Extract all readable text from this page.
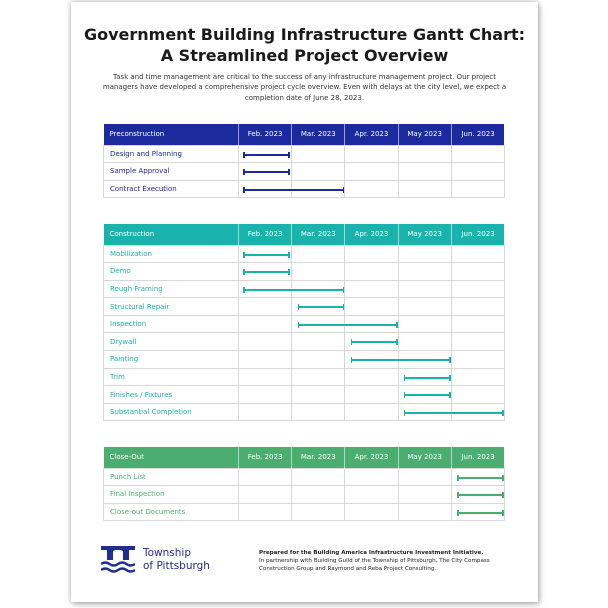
Government Building Infrastructure Gantt Chart:
A Streamlined Project Overview

Task and time management are critical to the success of any infrastructure management project. Our project managers have developed a comprehensive project cycle overview. Even with delays at the city level, we expect a completion date of June 28, 2023.

Preconstruction	Feb. 2023	Mar. 2023	Apr. 2023	May 2023	Jun. 2023
Design and Planning	

Sample Approval	

Contract Execution	

Construction	Feb. 2023	Mar. 2023	Apr. 2023	May 2023	Jun. 2023
Mobilization	

Demo	

Rough Framing	

Structural Repair	

Inspection	

Drywall	

Painting	

Trim	

Finishes / Fixtures	

Substantial Completion	

Close-Out	Feb. 2023	Mar. 2023	Apr. 2023	May 2023	Jun. 2023
Punch List	

Final Inspection	

Close-out Documents	

Township
of Pittsburgh
Prepared for the Building America Infrastructure Investment Initiative.
In partnership with Building Guild of the Township of Pittsburgh, The City Compass Construction Group and Raymond and Reba Project Consulting.
